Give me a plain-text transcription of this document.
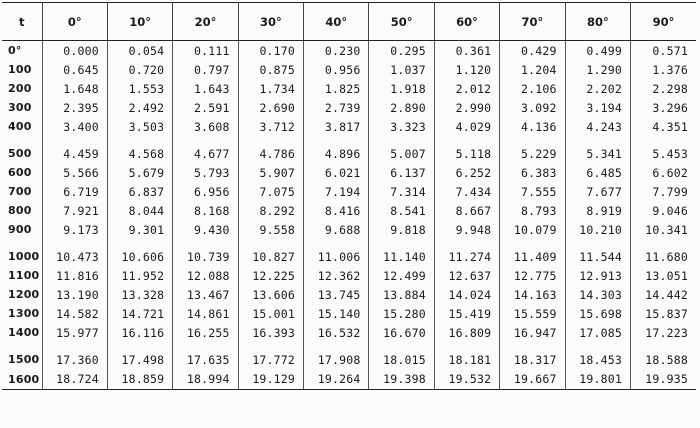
t	0°	10°	20°	30°	40°	50°	60°	70°	80°	90°
0°	0.000	0.054	0.111	0.170	0.230	0.295	0.361	0.429	0.499	0.571
100	0.645	0.720	0.797	0.875	0.956	1.037	1.120	1.204	1.290	1.376
200	1.648	1.553	1.643	1.734	1.825	1.918	2.012	2.106	2.202	2.298
300	2.395	2.492	2.591	2.690	2.739	2.890	2.990	3.092	3.194	3.296
400	3.400	3.503	3.608	3.712	3.817	3.323	4.029	4.136	4.243	4.351

500	4.459	4.568	4.677	4.786	4.896	5.007	5.118	5.229	5.341	5.453
600	5.566	5.679	5.793	5.907	6.021	6.137	6.252	6.383	6.485	6.602
700	6.719	6.837	6.956	7.075	7.194	7.314	7.434	7.555	7.677	7.799
800	7.921	8.044	8.168	8.292	8.416	8.541	8.667	8.793	8.919	9.046
900	9.173	9.301	9.430	9.558	9.688	9.818	9.948	10.079	10.210	10.341

1000	10.473	10.606	10.739	10.827	11.006	11.140	11.274	11.409	11.544	11.680
1100	11.816	11.952	12.088	12.225	12.362	12.499	12.637	12.775	12.913	13.051
1200	13.190	13.328	13.467	13.606	13.745	13.884	14.024	14.163	14.303	14.442
1300	14.582	14.721	14.861	15.001	15.140	15.280	15.419	15.559	15.698	15.837
1400	15.977	16.116	16.255	16.393	16.532	16.670	16.809	16.947	17.085	17.223

1500	17.360	17.498	17.635	17.772	17.908	18.015	18.181	18.317	18.453	18.588
1600	18.724	18.859	18.994	19.129	19.264	19.398	19.532	19.667	19.801	19.935
